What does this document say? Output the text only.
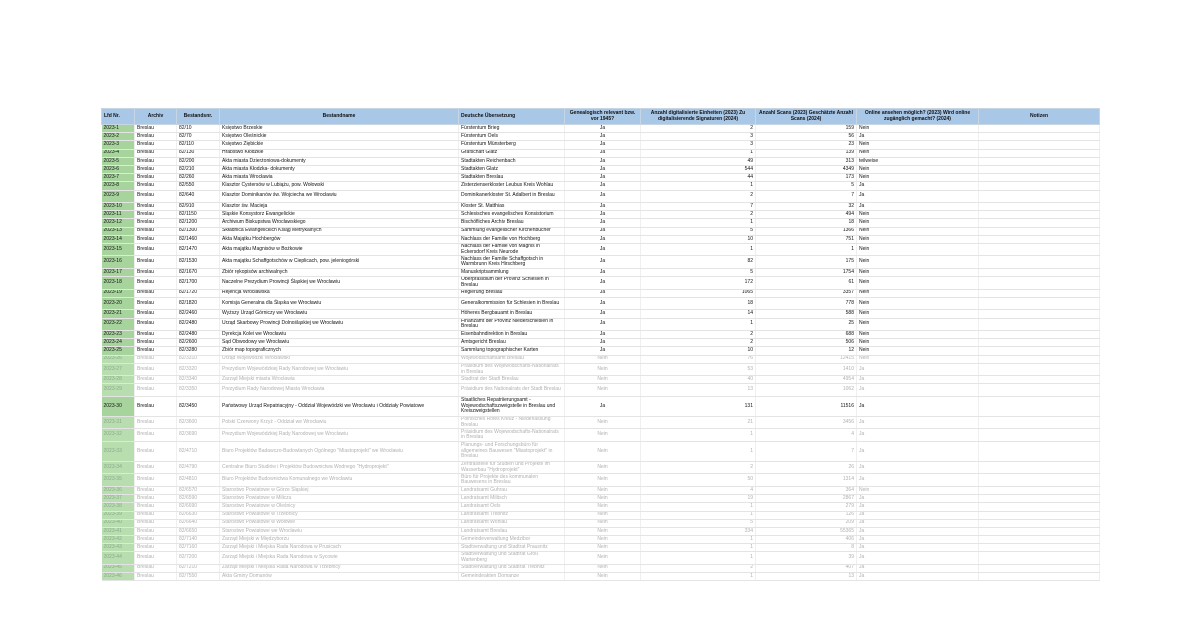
Lfd Nr.	Archiv	Bestandsnr.	Bestandname	Deutsche Übersetzung	Genealogisch relevant bzw. vor 1945?	Anzahl digitalisierte Einheiten (2023) Zu digitalisierende Signaturen (2024)	Anzahl Scans (2023) Geschätzte Anzahl Scans (2024)	Online ansehen möglich? (2023) Wird online zugänglich gemacht? (2024)	Notizen
2023-1	Breslau	82/10	Księstwo Brzeskie	Fürstentum Brieg	Ja	2	159	Nein	
2023-2	Breslau	82/70	Księstwo Oleśnickie	Fürstentum Oels	Ja	3	56	Ja	
2023-3	Breslau	82/110	Księstwo Ziębickie	Fürstentum Münsterberg	Ja	3	23	Nein	
2023-4	Breslau	82/130	Hrabstwo Kłodzkie	Grafschaft Glatz	Ja	1	139	Nein	
2023-5	Breslau	82/200	Akta miasta Dzierżoniowa-dokumenty	Stadtakten Reichenbach	Ja	49	313	teilweise	
2023-6	Breslau	82/210	Akta miasta Kłodzka- dokumenty	Stadtakten Glatz	Ja	544	4349	Nein	
2023-7	Breslau	82/260	Akta miasta Wrocławia	Stadtakten Breslau	Ja	44	173	Nein	
2023-8	Breslau	82/550	Klasztor Cystersów w Lubiążu, pow. Wołowski	Zisterzienserkloster Leubus Kreis Wohlau	Ja	1	5	Ja	
2023-9	Breslau	82/640	Klasztor Dominikanów św. Wojciecha we Wrocławiu	Dominikanerkloster St. Adalbert in Breslau	Ja	2	7	Ja	
2023-10	Breslau	82/910	Klasztor św. Macieja	Kloster St. Matthias	Ja	7	32	Ja	
2023-11	Breslau	82/1150	Śląskie Konsystorz Ewangelickie	Schlesisches evangelisches Konsistorium	Ja	2	494	Nein	
2023-12	Breslau	82/1200	Archiwum Biskupstwa Wrocławskiego	Bischöfliches Archiv Breslau	Ja	1	18	Nein	
2023-13	Breslau	82/1300	Składnica Ewangelickich Ksiąg Metrykalnych	Sammlung evangelischer Kirchenbücher	Ja	5	1366	Nein	
2023-14	Breslau	82/1460	Akta Majątku Hochbergów	Nachlass der Familie von Hochberg	Ja	10	751	Nein	
2023-15	Breslau	82/1470	Akta majątku Magnisów w Bożkowie	Nachlass der Familie von Magnis in Eckersdorf Kreis Neurode	Ja	1	1	Nein	
2023-16	Breslau	82/1530	Akta majątku Schaffgotschów w Cieplicach, pow. jeleniogórski	Nachlass der Familie Schaffgotsch in Warmbrunn Kreis Hirschberg	Ja	82	175	Nein	
2023-17	Breslau	82/1670	Zbiór rękopisów archiwalnych	Manuskriptsammlung	Ja	5	1754	Nein	
2023-18	Breslau	82/1700	Naczelne Prezydium Prowincji Śląskiej we Wrocławiu	Oberpräsidium der Provinz Schlesien in Breslau	Ja	172	61	Nein	
2023-19	Breslau	82/1720	Rejencja Wrocławska	Regierung Breslau	Ja	1065	3357	Nein	
2023-20	Breslau	82/1820	Komisja Generalna dla Śląska we Wrocławiu	Generalkommission für Schlesien in Breslau	Ja	18	778	Nein	
2023-21	Breslau	82/2460	Wyższy Urząd Górniczy we Wrocławiu	Höheres Bergbauamt in Breslau	Ja	14	588	Nein	
2023-22	Breslau	82/2480	Urząd Skarbowy Prowincji Dolnośląskiej we Wrocławiu	Finanzamt der Provinz Niederschlesien in Breslau	Ja	1	25	Nein	
2023-23	Breslau	82/2480	Dyrekcja Kolei we Wrocławiu	Eisenbahndirektion in Breslau	Ja	2	688	Nein	
2023-24	Breslau	82/2600	Sąd Obwodowy we Wrocławiu	Amtsgericht Breslau	Ja	2	506	Nein	
2023-25	Breslau	82/3280	Zbiór map topograficznych	Sammlung topographischer Karten	Ja	10	12	Nein	
2023-26	Breslau	82/3310	Urząd Wojewódzki Wrocławski	Wojewodschaftsamt Breslau	Nein	76	12415	Nein	
2023-27	Breslau	82/3320	Prezydium Wojewódzkiej Rady Narodowej we Wrocławiu	Präsidium des Wojewodschafts-Nationalrats in Breslau	Nein	53	1410	Ja	
2023-28	Breslau	82/3340	Zarząd Miejski miasta Wrocławia	Stadtrat der Stadt Breslau	Nein	40	4954	Ja	
2023-29	Breslau	82/3350	Prezydium Rady Narodowej Miasta Wrocławia	Präsidium des Nationalrats der Stadt Breslau	Nein	13	1062	Ja	
2023-30	Breslau	82/3450	Państwowy Urząd Repatriacyjny - Oddział Wojewódzki we Wrocławiu i Oddziały Powiatowe	Staatliches Repatriierungsamt - Wojewodschaftszweigstelle in Breslau und Kreiszweigstellen	Ja	131	11516	Ja	
2023-31	Breslau	82/3600	Polski Czerwony Krzyż - Oddział we Wrocławiu	Polnisches Rotes Kreuz - Niederlassung Breslau	Nein	21	3456	Ja	
2023-32	Breslau	82/3690	Prezydium Wojewódzkiej Rady Narodowej we Wrocławiu	Präsidium des Wojewodschafts-Nationalrats in Breslau	Nein	1	4	Ja	
2023-33	Breslau	82/4710	Biuro Projektów Badawczo-Budowlanych Ogólnego "Miastoprojekt" we Wrocławiu	Planungs- und Forschungsbüro für allgemeines Bauwesen "Miastoprojekt" in Breslau	Nein	1	7	Ja	
2023-34	Breslau	82/4790	Centralne Biuro Studiów i Projektów Budownictwa Wodnego "Hydroprojekt"	Zentralstelle für Studien und Projekte im Wasserbau "Hydroprojekt"	Nein	2	26	Ja	
2023-35	Breslau	82/4810	Biuro Projektów Budownictwa Komunalnego we Wrocławiu	Büro für Projekte des kommunalen Bauwesens in Breslau	Nein	50	1314	Ja	
2023-36	Breslau	82/6570	Starostwo Powiatowe w Górze Śląskiej	Landratsamt Guhrau	Nein	4	364	Nein	
2023-37	Breslau	82/6590	Starostwo Powiatowe w Miliczu	Landratsamt Militsch	Nein	19	2867	Ja	
2023-38	Breslau	82/6690	Starostwo Powiatowe w Oleśnicy	Landratsamt Oels	Nein	1	279	Ja	
2023-39	Breslau	82/6630	Starostwo Powiatowe w Trzebnicy	Landratsamt Trebnitz	Nein	1	126	Ja	
2023-40	Breslau	82/6640	Starostwo Powiatowe w Wołowie	Landratsamt Wohlau	Nein	5	209	Ja	
2023-41	Breslau	82/6650	Starostwo Powiatowe we Wrocławiu	Landratsamt Breslau	Nein	334	55365	Ja	
2023-42	Breslau	82/7140	Zarząd Miejski w Międzyborzu	Gemeindeverwaltung Medzibor	Nein	1	406	Ja	
2023-43	Breslau	82/7160	Zarząd Miejski i Miejska Rada Narodowa w Prusicach	Stadtverwaltung und Stadtrat Prausnitz	Nein	1	8	Ja	
2023-44	Breslau	82/7200	Zarząd Miejski i Miejska Rada Narodowa w Sycowie	Stadtverwaltung und Stadtrat Groß Wartenberg	Nein	1	39	Ja	
2023-45	Breslau	82/7210	Zarząd Miejski i Miejska Rada Narodowa w Trzebnicy	Stadtverwaltung und Stadtrat Trebnitz	Nein	2	407	Ja	
2023-46	Breslau	82/7550	Akta Gminy Domanów	Gemeindeakten Domanze	Nein	1	13	Ja	
